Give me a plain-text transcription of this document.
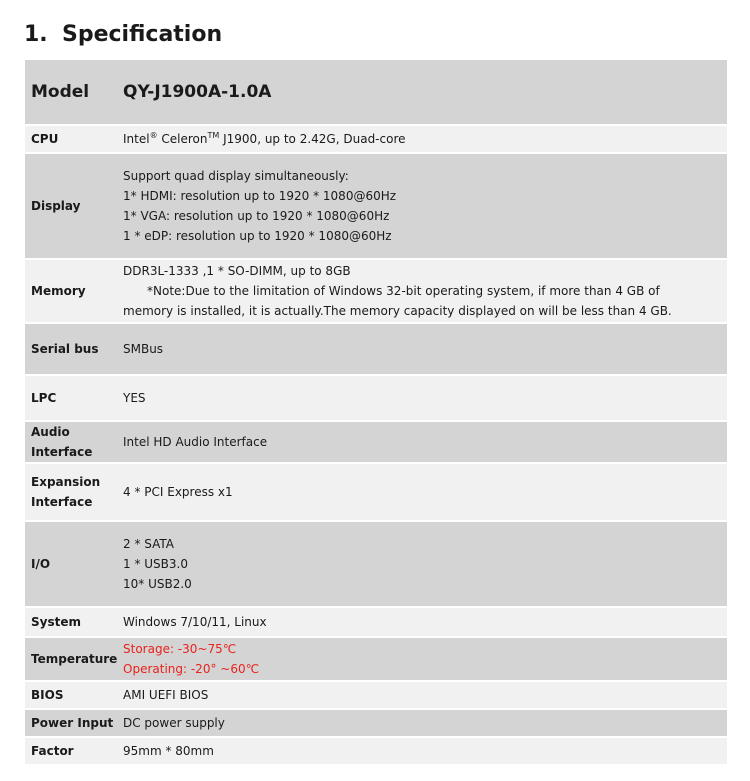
1. Specification
Model	QY-J1900A-1.0A
CPU	Intel® Celeron™ J1900, up to 2.42G, Duad-core
Display	Support quad display simultaneously:
1* HDMI: resolution up to 1920 * 1080@60Hz
1* VGA: resolution up to 1920 * 1080@60Hz
1 * eDP: resolution up to 1920 * 1080@60Hz

Memory	DDR3L-1333 ,1 * SO-DIMM, up to 8GB
*Note:Due to the limitation of Windows 32-bit operating system, if more than 4 GB of memory is installed, it is actually.The memory capacity displayed on will be less than 4 GB.

Serial bus	SMBus
LPC	YES
Audio Interface	Intel HD Audio Interface
Expansion Interface	4 * PCI Express x1
I/O	2 * SATA
1 * USB3.0
10* USB2.0

System	Windows 7/10/11, Linux
Temperature	Storage: -30~75℃
Operating: -20° ~60℃

BIOS	AMI UEFI BIOS
Power Input	DC power supply
Factor	95mm * 80mm
